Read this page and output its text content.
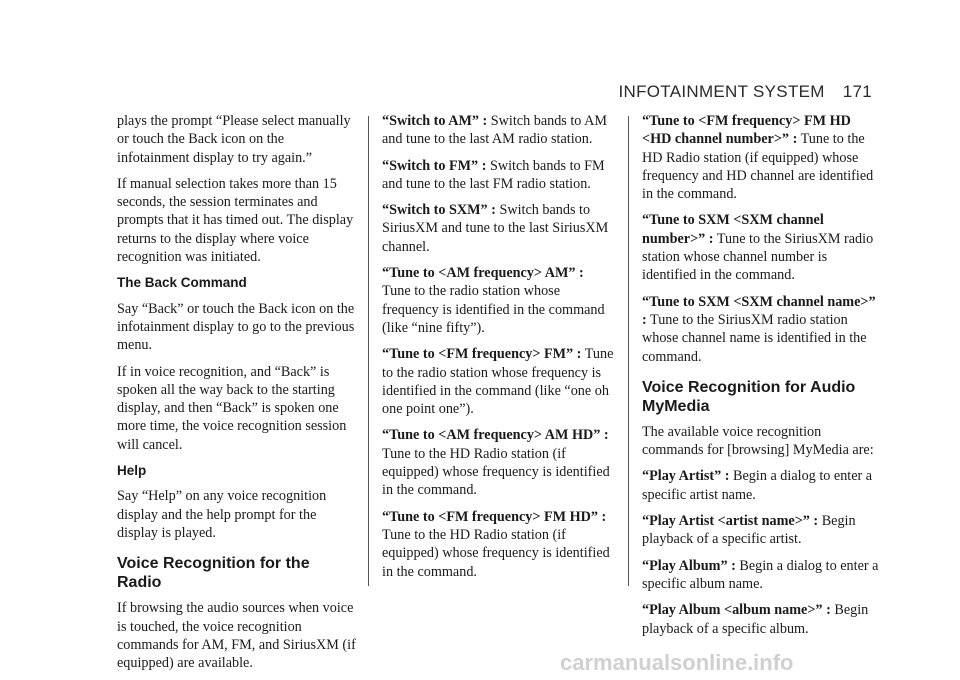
INFOTAINMENT SYSTEM 171

plays the prompt “Please select manually or touch the Back icon on the infotainment display to try again.”

If manual selection takes more than 15 seconds, the session terminates and prompts that it has timed out. The display returns to the display where voice recognition was initiated.

The Back Command

Say “Back” or touch the Back icon on the infotainment display to go to the previous menu.

If in voice recognition, and “Back” is spoken all the way back to the starting display, and then “Back” is spoken one more time, the voice recognition session will cancel.

Help

Say “Help” on any voice recognition display and the help prompt for the display is played.

Voice Recognition for the Radio

If browsing the audio sources when voice is touched, the voice recognition commands for AM, FM, and SiriusXM (if equipped) are available.

“Switch to AM” : Switch bands to AM and tune to the last AM radio station.

“Switch to FM” : Switch bands to FM and tune to the last FM radio station.

“Switch to SXM” : Switch bands to SiriusXM and tune to the last SiriusXM channel.

“Tune to <AM frequency> AM” :
Tune to the radio station whose frequency is identified in the command (like “nine fifty”).

“Tune to <FM frequency> FM” : Tune to the radio station whose frequency is identified in the command (like “one oh one point one”).

“Tune to <AM frequency> AM HD” :
Tune to the HD Radio station (if equipped) whose frequency is identified in the command.

“Tune to <FM frequency> FM HD” :
Tune to the HD Radio station (if equipped) whose frequency is identified in the command.

“Tune to <FM frequency> FM HD <HD channel number>” : Tune to the HD Radio station (if equipped) whose frequency and HD channel are identified in the command.

“Tune to SXM <SXM channel number>” : Tune to the SiriusXM radio station whose channel number is identified in the command.

“Tune to SXM <SXM channel name>” : Tune to the SiriusXM radio station whose channel name is identified in the command.

Voice Recognition for Audio MyMedia

The available voice recognition commands for [browsing] MyMedia are:

“Play Artist” : Begin a dialog to enter a specific artist name.

“Play Artist <artist name>” : Begin playback of a specific artist.

“Play Album” : Begin a dialog to enter a specific album name.

“Play Album <album name>” : Begin playback of a specific album.

carmanualsonline.info
